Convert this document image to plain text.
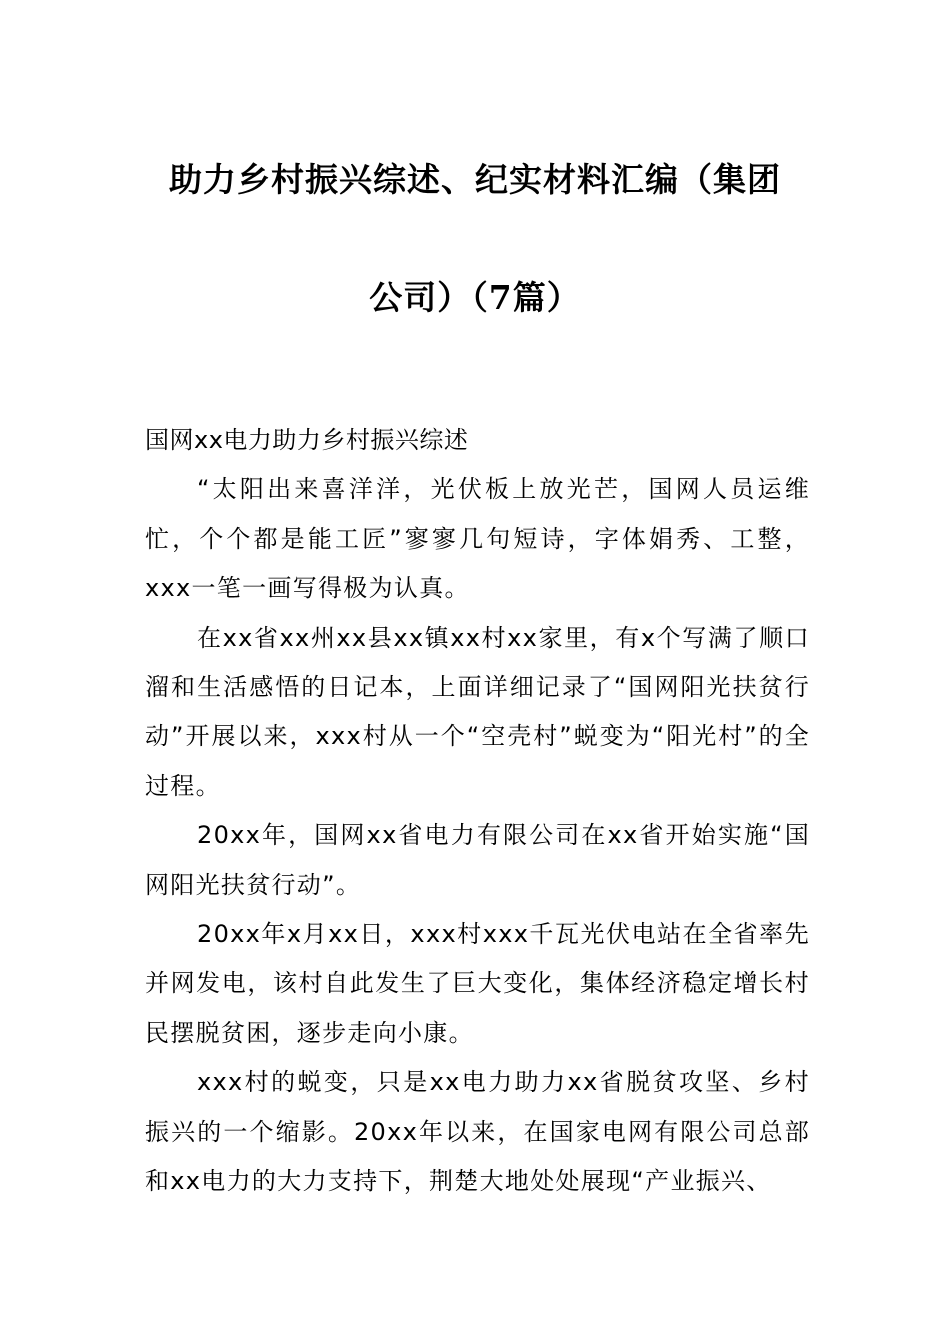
助力乡村振兴综述、纪实材料汇编（集团
公司）（7篇）

国网xx电力助力乡村振兴综述

“太阳出来喜洋洋，光伏板上放光芒，国网人员运维忙，个个都是能工匠”寥寥几句短诗，字体娟秀、工整，xxx一笔一画写得极为认真。

在xx省xx州xx县xx镇xx村xx家里，有x个写满了顺口溜和生活感悟的日记本，上面详细记录了“国网阳光扶贫行动”开展以来，xxx村从一个“空壳村”蜕变为“阳光村”的全过程。

20xx年，国网xx省电力有限公司在xx省开始实施“国网阳光扶贫行动”。

20xx年x月xx日，xxx村xxx千瓦光伏电站在全省率先并网发电，该村自此发生了巨大变化，集体经济稳定增长村民摆脱贫困，逐步走向小康。

xxx村的蜕变，只是xx电力助力xx省脱贫攻坚、乡村振兴的一个缩影。20xx年以来，在国家电网有限公司总部和xx电力的大力支持下，荆楚大地处处展现“产业振兴、
